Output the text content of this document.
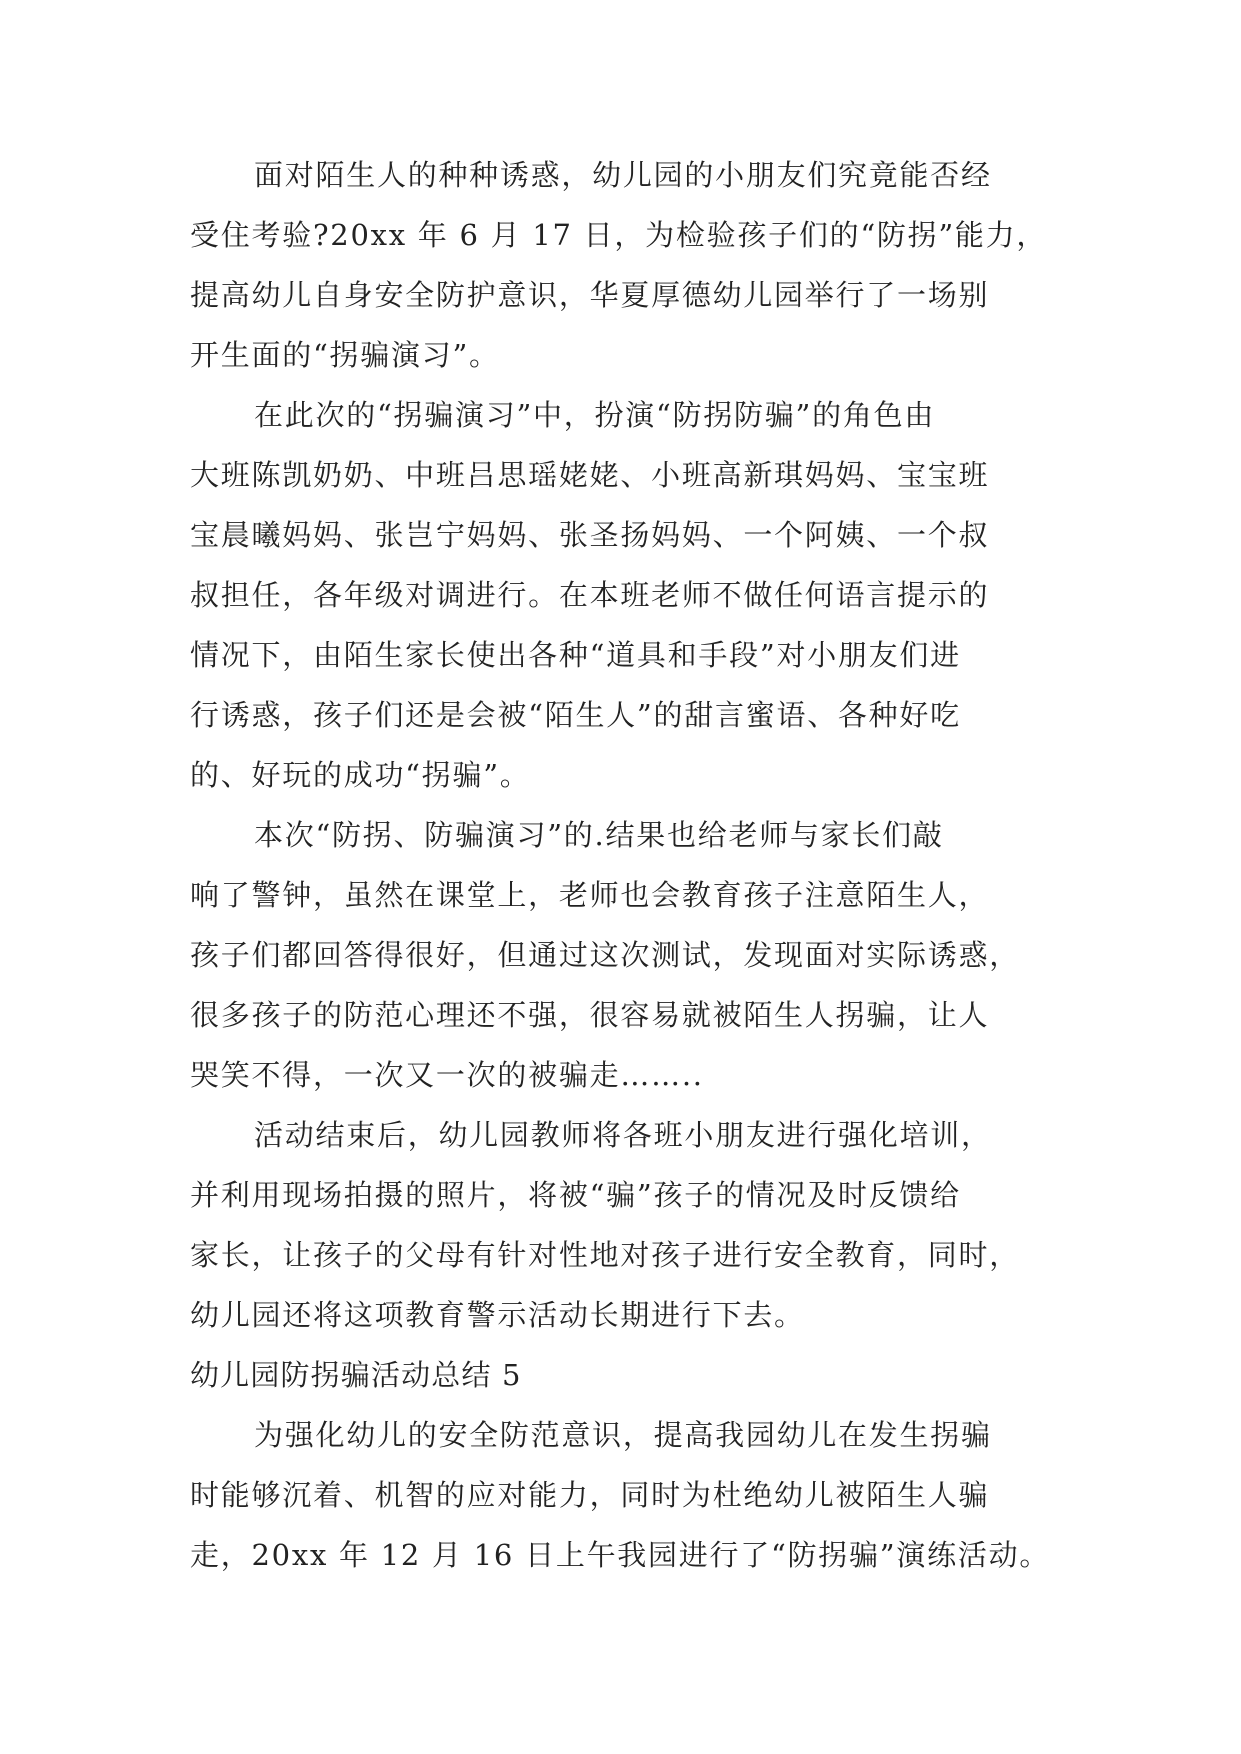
面对陌生人的种种诱惑，幼儿园的小朋友们究竟能否经
受住考验?20xx 年 6 月 17 日，为检验孩子们的“防拐”能力，
提高幼儿自身安全防护意识，华夏厚德幼儿园举行了一场别
开生面的“拐骗演习”。
在此次的“拐骗演习”中，扮演“防拐防骗”的角色由
大班陈凯奶奶、中班吕思瑶姥姥、小班高新琪妈妈、宝宝班
宝晨曦妈妈、张岂宁妈妈、张圣扬妈妈、一个阿姨、一个叔
叔担任，各年级对调进行。在本班老师不做任何语言提示的
情况下，由陌生家长使出各种“道具和手段”对小朋友们进
行诱惑，孩子们还是会被“陌生人”的甜言蜜语、各种好吃
的、好玩的成功“拐骗”。
本次“防拐、防骗演习”的.结果也给老师与家长们敲
响了警钟，虽然在课堂上，老师也会教育孩子注意陌生人，
孩子们都回答得很好，但通过这次测试，发现面对实际诱惑，
很多孩子的防范心理还不强，很容易就被陌生人拐骗，让人
哭笑不得，一次又一次的被骗走……..
活动结束后，幼儿园教师将各班小朋友进行强化培训，
并利用现场拍摄的照片，将被“骗”孩子的情况及时反馈给
家长，让孩子的父母有针对性地对孩子进行安全教育，同时，
幼儿园还将这项教育警示活动长期进行下去。
幼儿园防拐骗活动总结 5
为强化幼儿的安全防范意识，提高我园幼儿在发生拐骗
时能够沉着、机智的应对能力，同时为杜绝幼儿被陌生人骗
走，20xx 年 12 月 16 日上午我园进行了“防拐骗”演练活动。
